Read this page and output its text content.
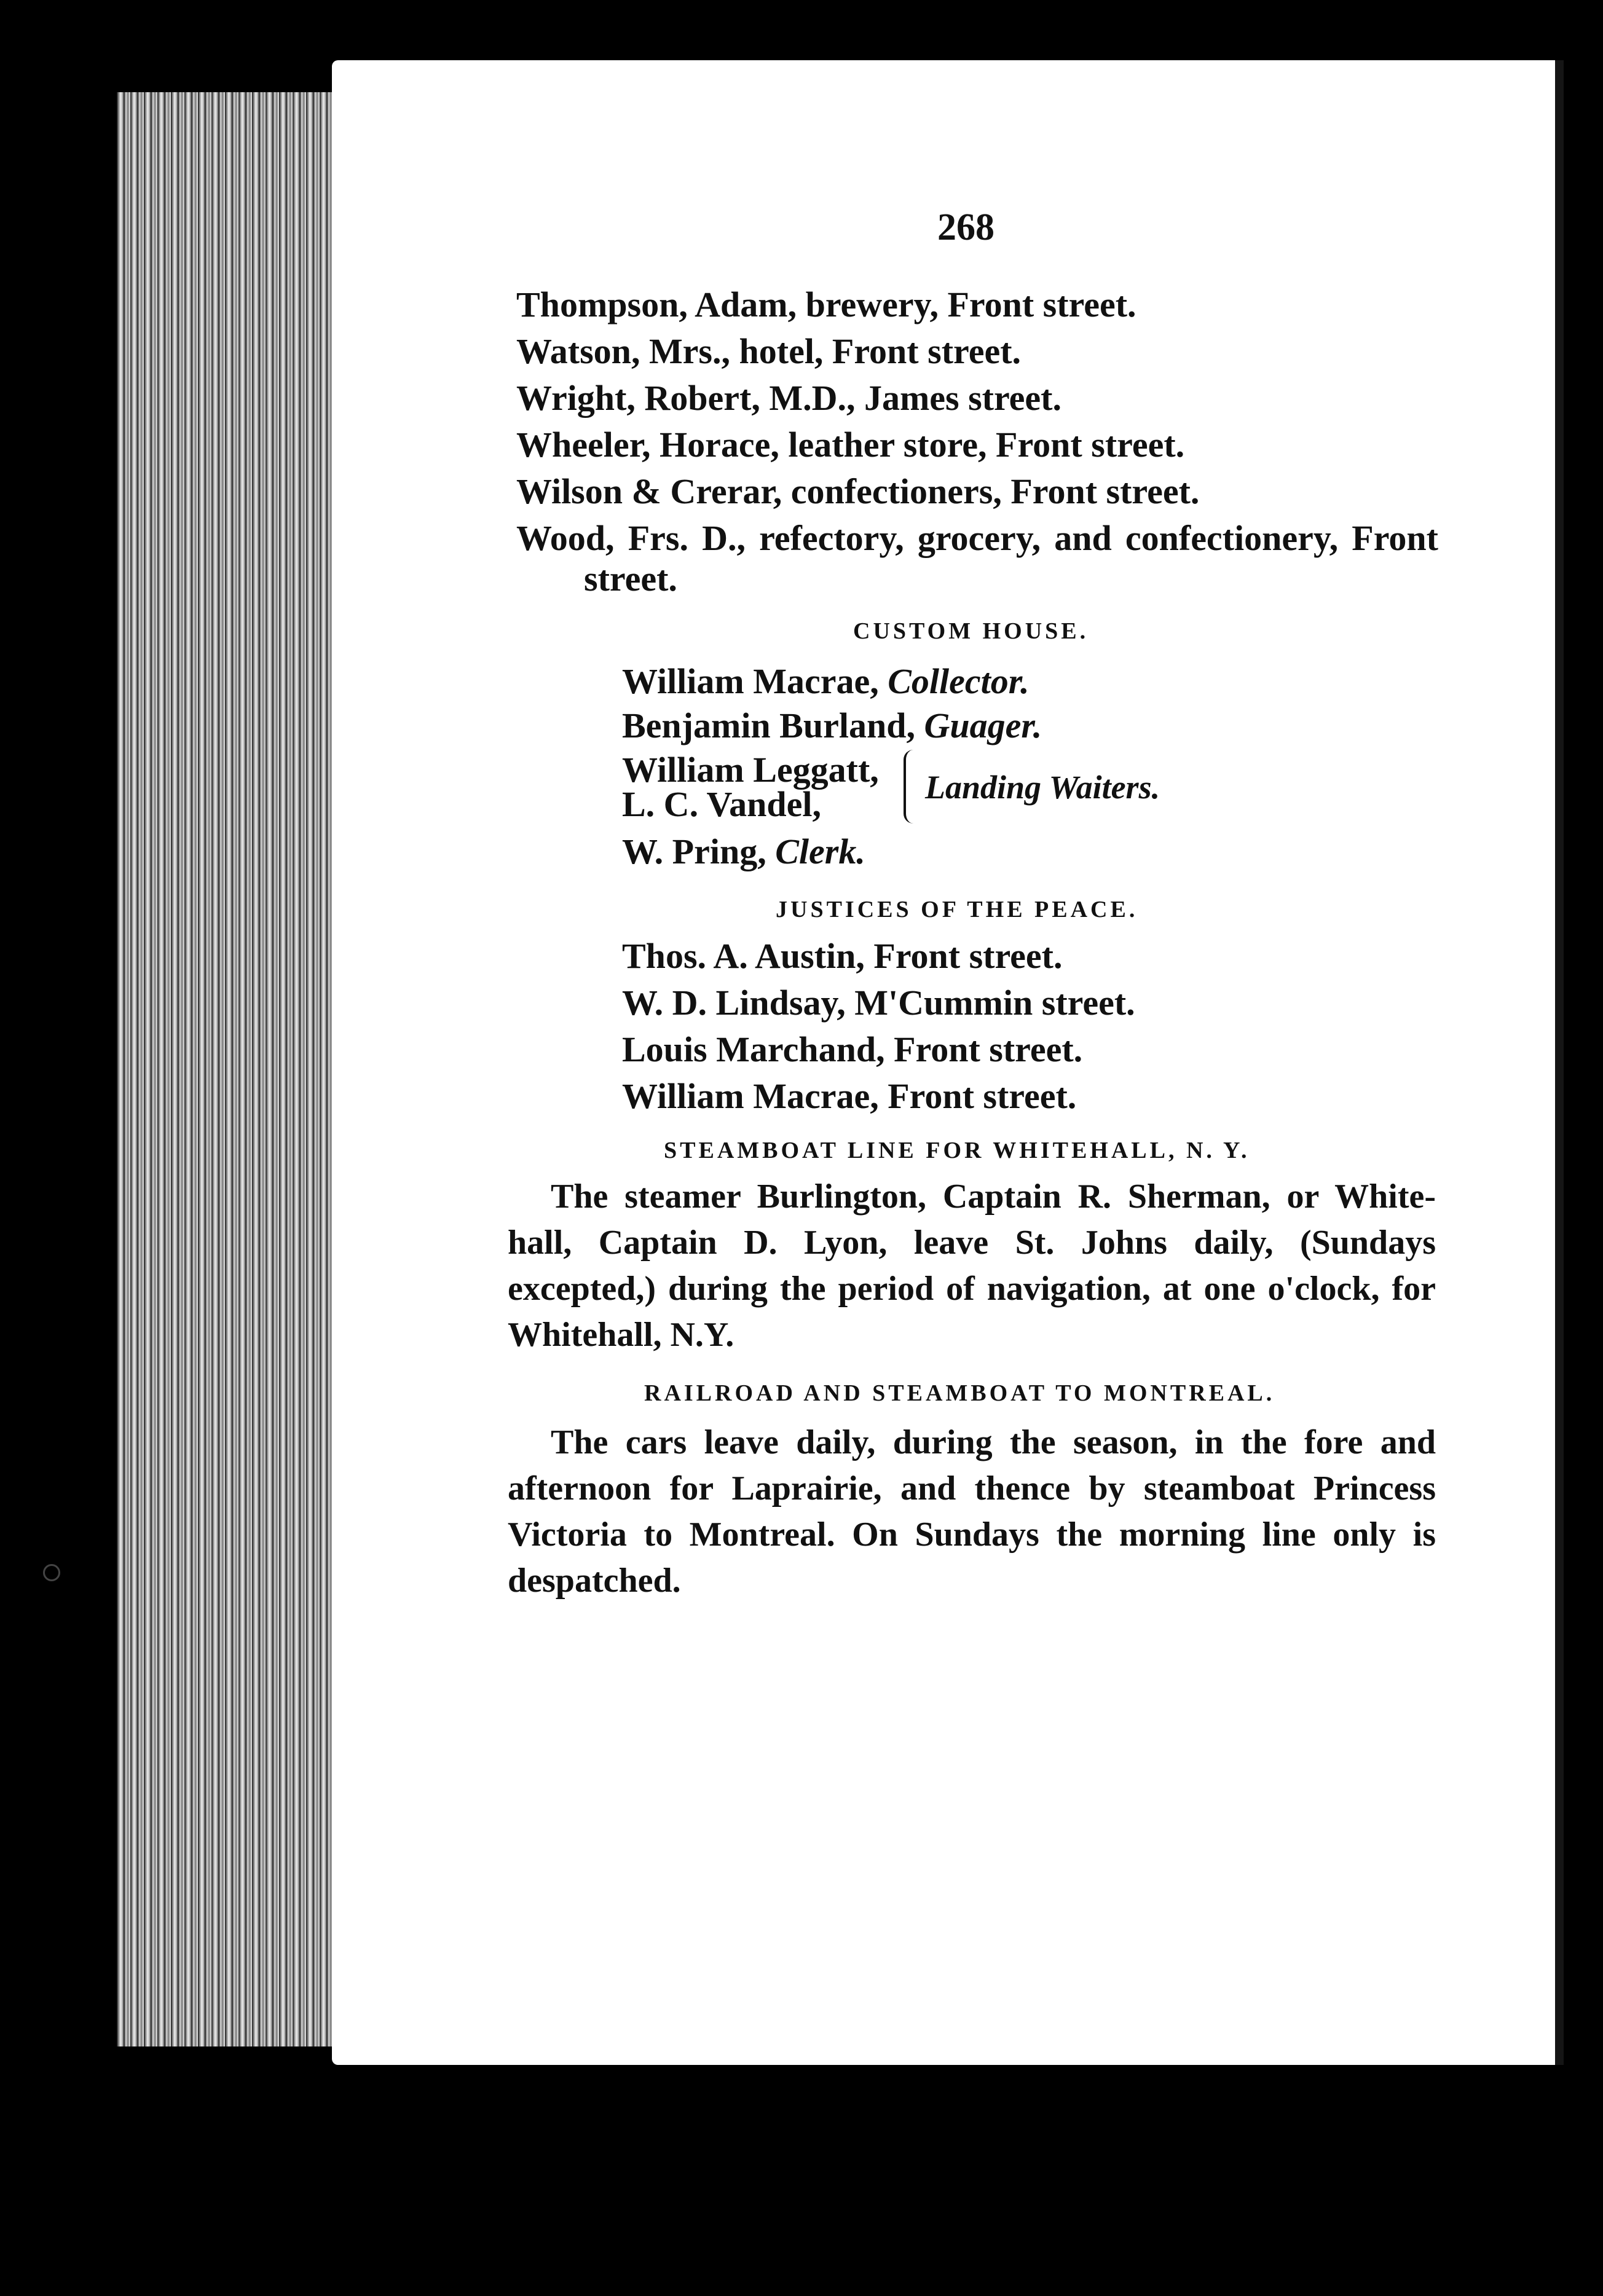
268
Thompson, Adam, brewery, Front street.
Watson, Mrs., hotel, Front street.
Wright, Robert, M.D., James street.
Wheeler, Horace, leather store, Front street.
Wilson & Crerar, confectioners, Front street.
Wood, Frs. D., refectory, grocery, and confectionery, Front
street.
CUSTOM HOUSE.
William Macrae, Collector.
Benjamin Burland, Guager.
William Leggatt,
L. C. Vandel,	Landing Waiters.
W. Pring, Clerk.
JUSTICES OF THE PEACE.
Thos. A. Austin, Front street.
W. D. Lindsay, M'Cummin street.
Louis Marchand, Front street.
William Macrae, Front street.
STEAMBOAT LINE FOR WHITEHALL, N. Y.
The steamer Burlington, Captain R. Sherman, or White-
hall, Captain D. Lyon, leave St. Johns daily, (Sundays
excepted,) during the period of navigation, at one o'clock, for
Whitehall, N.Y.
RAILROAD AND STEAMBOAT TO MONTREAL.
The cars leave daily, during the season, in the fore and
afternoon for Laprairie, and thence by steamboat Princess
Victoria to Montreal. On Sundays the morning line only is
despatched.
